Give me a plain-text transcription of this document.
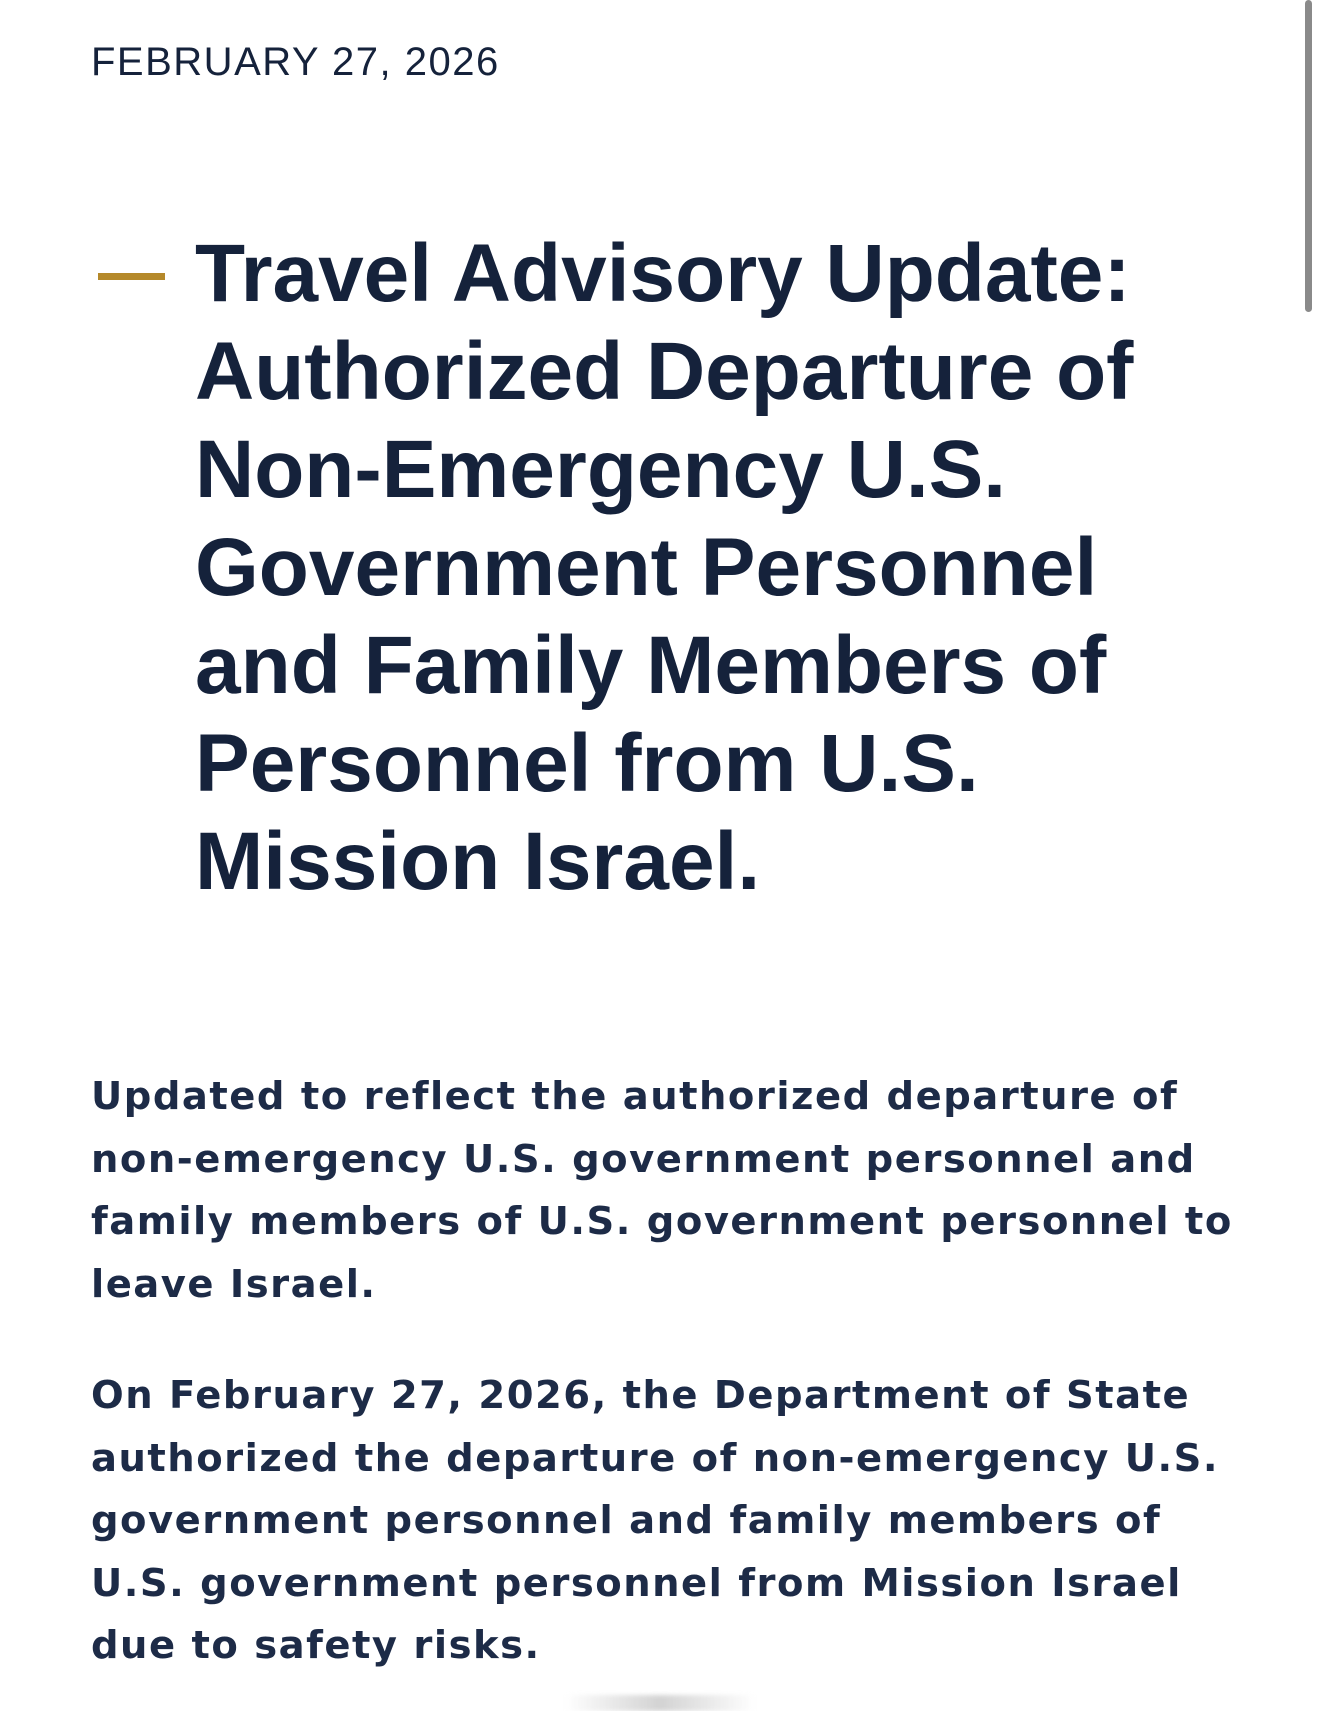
FEBRUARY 27, 2026
Travel Advisory Update: Authorized Departure of Non-Emergency U.S. Government Personnel and Family Members of Personnel from U.S. Mission Israel.

Updated to reflect the authorized departure of non-emergency U.S. government personnel and family members of U.S. government personnel to leave Israel.

On February 27, 2026, the Department of State authorized the departure of non-emergency U.S. government personnel and family members of U.S. government personnel from Mission Israel due to safety risks.
